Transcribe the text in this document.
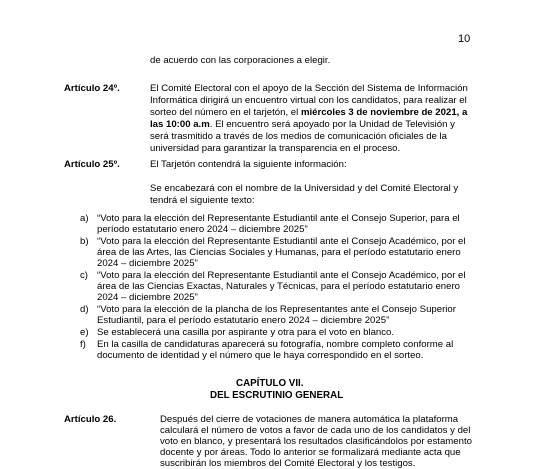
10
de acuerdo con las corporaciones a elegir.
Artículo 24º.	El Comité Electoral con el apoyo de la Sección del Sistema de Información
Informática dirigirá un encuentro virtual con los candidatos, para realizar el
sorteo del número en el tarjetón, el miércoles 3 de noviembre de 2021, a
las 10:00 a.m. El encuentro será apoyado por la Unidad de Televisión y
será trasmitido a través de los medios de comunicación oficiales de la
universidad para garantizar la transparencia en el proceso.
Artículo 25º.	El Tarjetón contendrá la siguiente información:
Se encabezará con el nombre de la Universidad y del Comité Electoral y
tendrá el siguiente texto:
a) “Voto para la elección del Representante Estudiantil ante el Consejo Superior, para el
período estatutario enero 2024 – diciembre 2025”
b) “Voto para la elección del Representante Estudiantil ante el Consejo Académico, por el
área de las Artes, las Ciencias Sociales y Humanas, para el período estatutario enero
2024 – diciembre 2025”
c) “Voto para la elección del Representante Estudiantil ante el Consejo Académico, por el
área de las Ciencias Exactas, Naturales y Técnicas, para el período estatutario enero
2024 – diciembre 2025”
d) “Voto para la elección de la plancha de los Representantes ante el Consejo Superior
Estudiantil, para el período estatutario enero 2024 – diciembre 2025”
e) Se establecerá una casilla por aspirante y otra para el voto en blanco.
f) En la casilla de candidaturas aparecerá su fotografía, nombre completo conforme al
documento de identidad y el número que le haya correspondido en el sorteo.
CAPÍTULO VII.
DEL ESCRUTINIO GENERAL
Artículo 26.	Después del cierre de votaciones de manera automática la plataforma
calculará el número de votos a favor de cada uno de los candidatos y del
voto en blanco, y presentará los resultados clasificándolos por estamento
docente y por áreas. Todo lo anterior se formalizará mediante acta que
suscribirán los miembros del Comité Electoral y los testigos.
